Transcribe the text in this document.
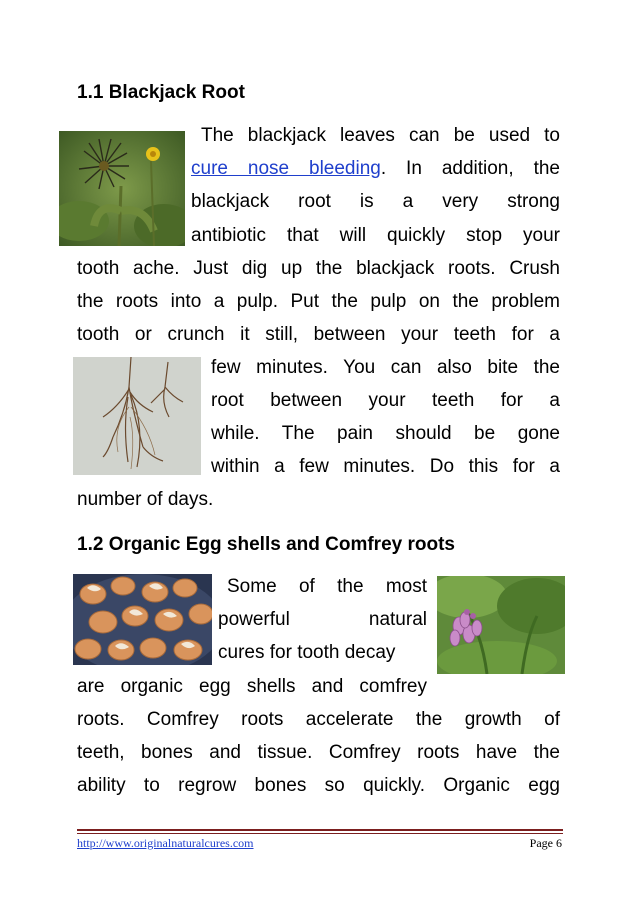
1.1 Blackjack Root
The blackjack leaves can be used to
cure nose bleeding. In addition, the
blackjack root is a very strong
antibiotic that will quickly stop your
tooth ache. Just dig up the blackjack roots. Crush
the roots into a pulp. Put the pulp on the problem
tooth or crunch it still, between your teeth for a
few minutes. You can also bite the
root between your teeth for a
while. The pain should be gone
within a few minutes. Do this for a
number of days.
1.2 Organic Egg shells and Comfrey roots
Some of the most
powerful natural
cures for tooth decay
are organic egg shells and comfrey
roots. Comfrey roots accelerate the growth of
teeth, bones and tissue. Comfrey roots have the
ability to regrow bones so quickly. Organic egg
http://www.originalnaturalcures.com	Page 6
